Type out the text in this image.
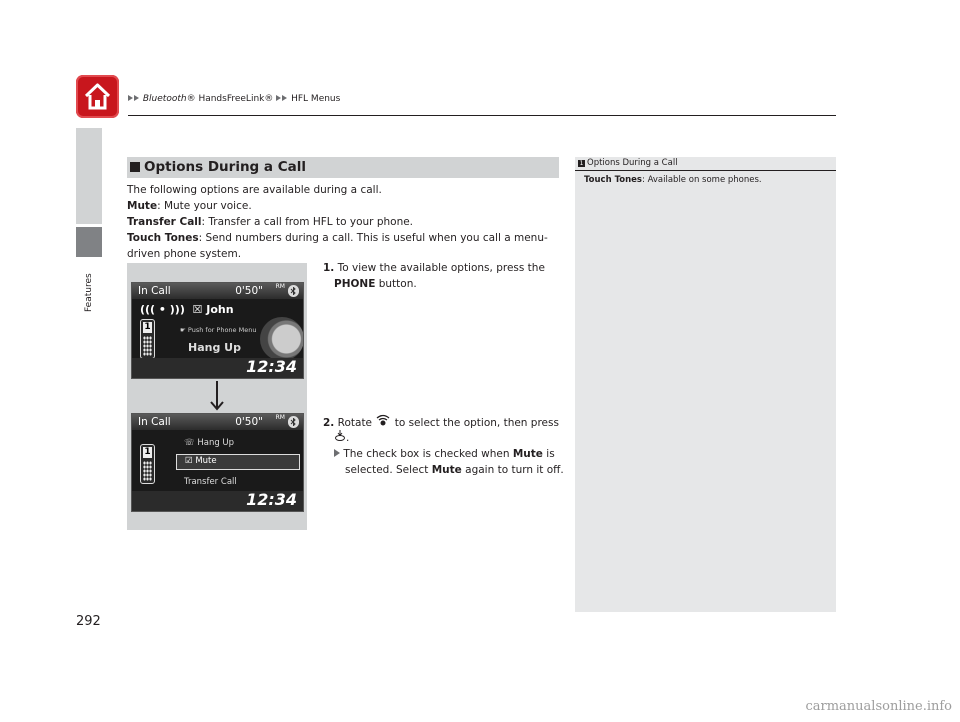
Bluetooth® HandsFreeLink® HFL Menus
Features
292
Options During a Call
The following options are available during a call.
Mute: Mute your voice.
Transfer Call: Transfer a call from HFL to your phone.
Touch Tones: Send numbers during a call. This is useful when you call a menu-
driven phone system.
In Call	0'50" RM
((( • ))) ☒ John
1	☛ Push for Phone Menu
Hang Up
12:34
In Call	0'50" RM
1
☏ Hang Up
☑ Mute
Transfer Call
12:34
1. To view the available options, press the
PHONE button.
2. Rotate  to select the option, then press
.
The check box is checked when Mute is
selected. Select Mute again to turn it off.
1 Options During a Call
Touch Tones: Available on some phones.
carmanualsonline.info
